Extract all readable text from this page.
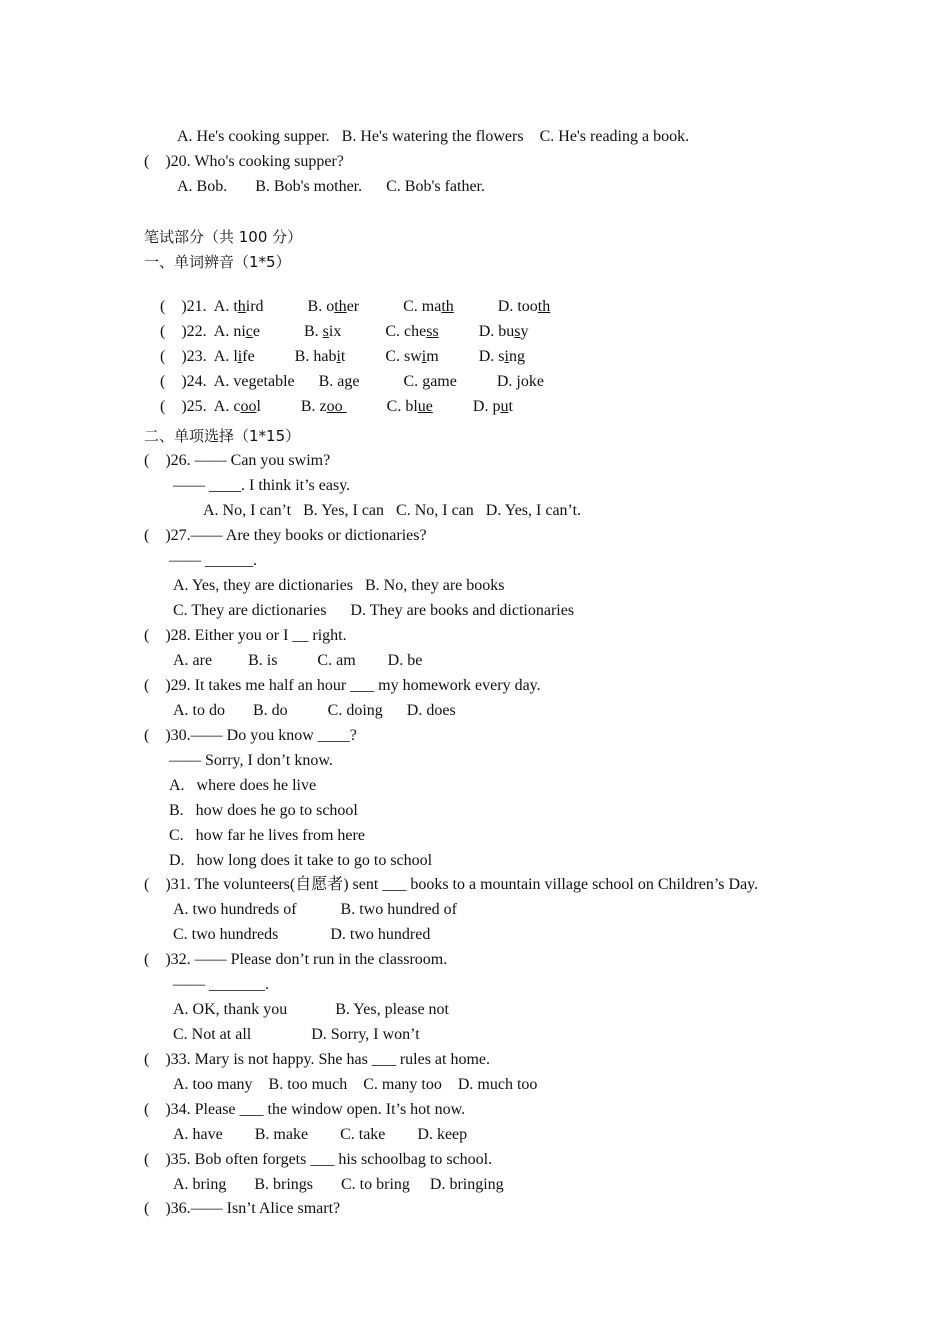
A. He's cooking supper.   B. He's watering the flowers    C. He's reading a book.
(    )20. Who's cooking supper?
A. Bob.       B. Bob's mother.      C. Bob's father.
笔试部分（共 100 分）
一、单词辨音（1*5）

(    )21.  A. third           B. other           C. math           D. tooth

(    )22.  A. nice           B. six           C. chess          D. busy

(    )23.  A. life          B. habit          C. swim          D. sing

(    )24.  A. vegetable      B. age           C. game          D. joke

(    )25.  A. cool          B. zoo           C. blue          D. put

二、单项选择（1*15）
(    )26. —— Can you swim?
—— ____. I think it’s easy.
A. No, I can’t   B. Yes, I can   C. No, I can   D. Yes, I can’t.
(    )27.—— Are they books or dictionaries?
—— ______.
A. Yes, they are dictionaries   B. No, they are books
C. They are dictionaries      D. They are books and dictionaries
(    )28. Either you or I __ right.
A. are         B. is          C. am        D. be
(    )29. It takes me half an hour ___ my homework every day.
A. to do       B. do          C. doing      D. does
(    )30.—— Do you know ____?
—— Sorry, I don’t know.
A.   where does he live
B.   how does he go to school
C.   how far he lives from here
D.   how long does it take to go to school
(    )31. The volunteers(自愿者) sent ___ books to a mountain village school on Children’s Day.
A. two hundreds of           B. two hundred of
C. two hundreds             D. two hundred
(    )32. —— Please don’t run in the classroom.
—— _______.
A. OK, thank you            B. Yes, please not
C. Not at all               D. Sorry, I won’t
(    )33. Mary is not happy. She has ___ rules at home.
A. too many    B. too much    C. many too    D. much too
(    )34. Please ___ the window open. It’s hot now.
A. have        B. make        C. take        D. keep
(    )35. Bob often forgets ___ his schoolbag to school.
A. bring       B. brings       C. to bring     D. bringing
(    )36.—— Isn’t Alice smart?
